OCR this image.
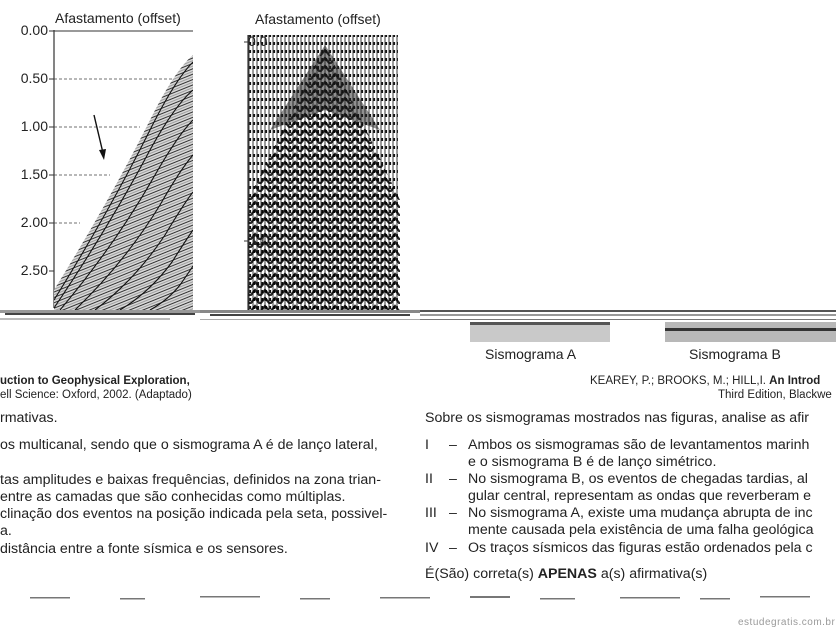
Afastamento (offset)
0.00
0.50
1.00
1.50
2.00
2.50
Afastamento (offset)
0.0
1.0
Sismograma A	Sismograma B
uction to Geophysical Exploration,
ell Science: Oxford, 2002. (Adaptado)
KEAREY, P.; BROOKS, M.; HILL,I. An Introd
Third Edition, Blackwe
rmativas.
os multicanal, sendo que o sismograma A é de lanço lateral,
tas amplitudes e baixas frequências, definidos na zona trian-
entre as camadas que são conhecidas como múltiplas.
clinação dos eventos na posição indicada pela seta, possivel-
a.
distância entre a fonte sísmica e os sensores.
Sobre os sismogramas mostrados nas figuras, analise as afir
I – Ambos os sismogramas são de levantamentos marinh
e o sismograma B é de lanço simétrico.
II – No sismograma B, os eventos de chegadas tardias, al
gular central, representam as ondas que reverberam e
III – No sismograma A, existe uma mudança abrupta de inc
mente causada pela existência de uma falha geológica
IV – Os traços sísmicos das figuras estão ordenados pela c
É(São) correta(s) APENAS a(s) afirmativa(s)
estudegratis.com.br
